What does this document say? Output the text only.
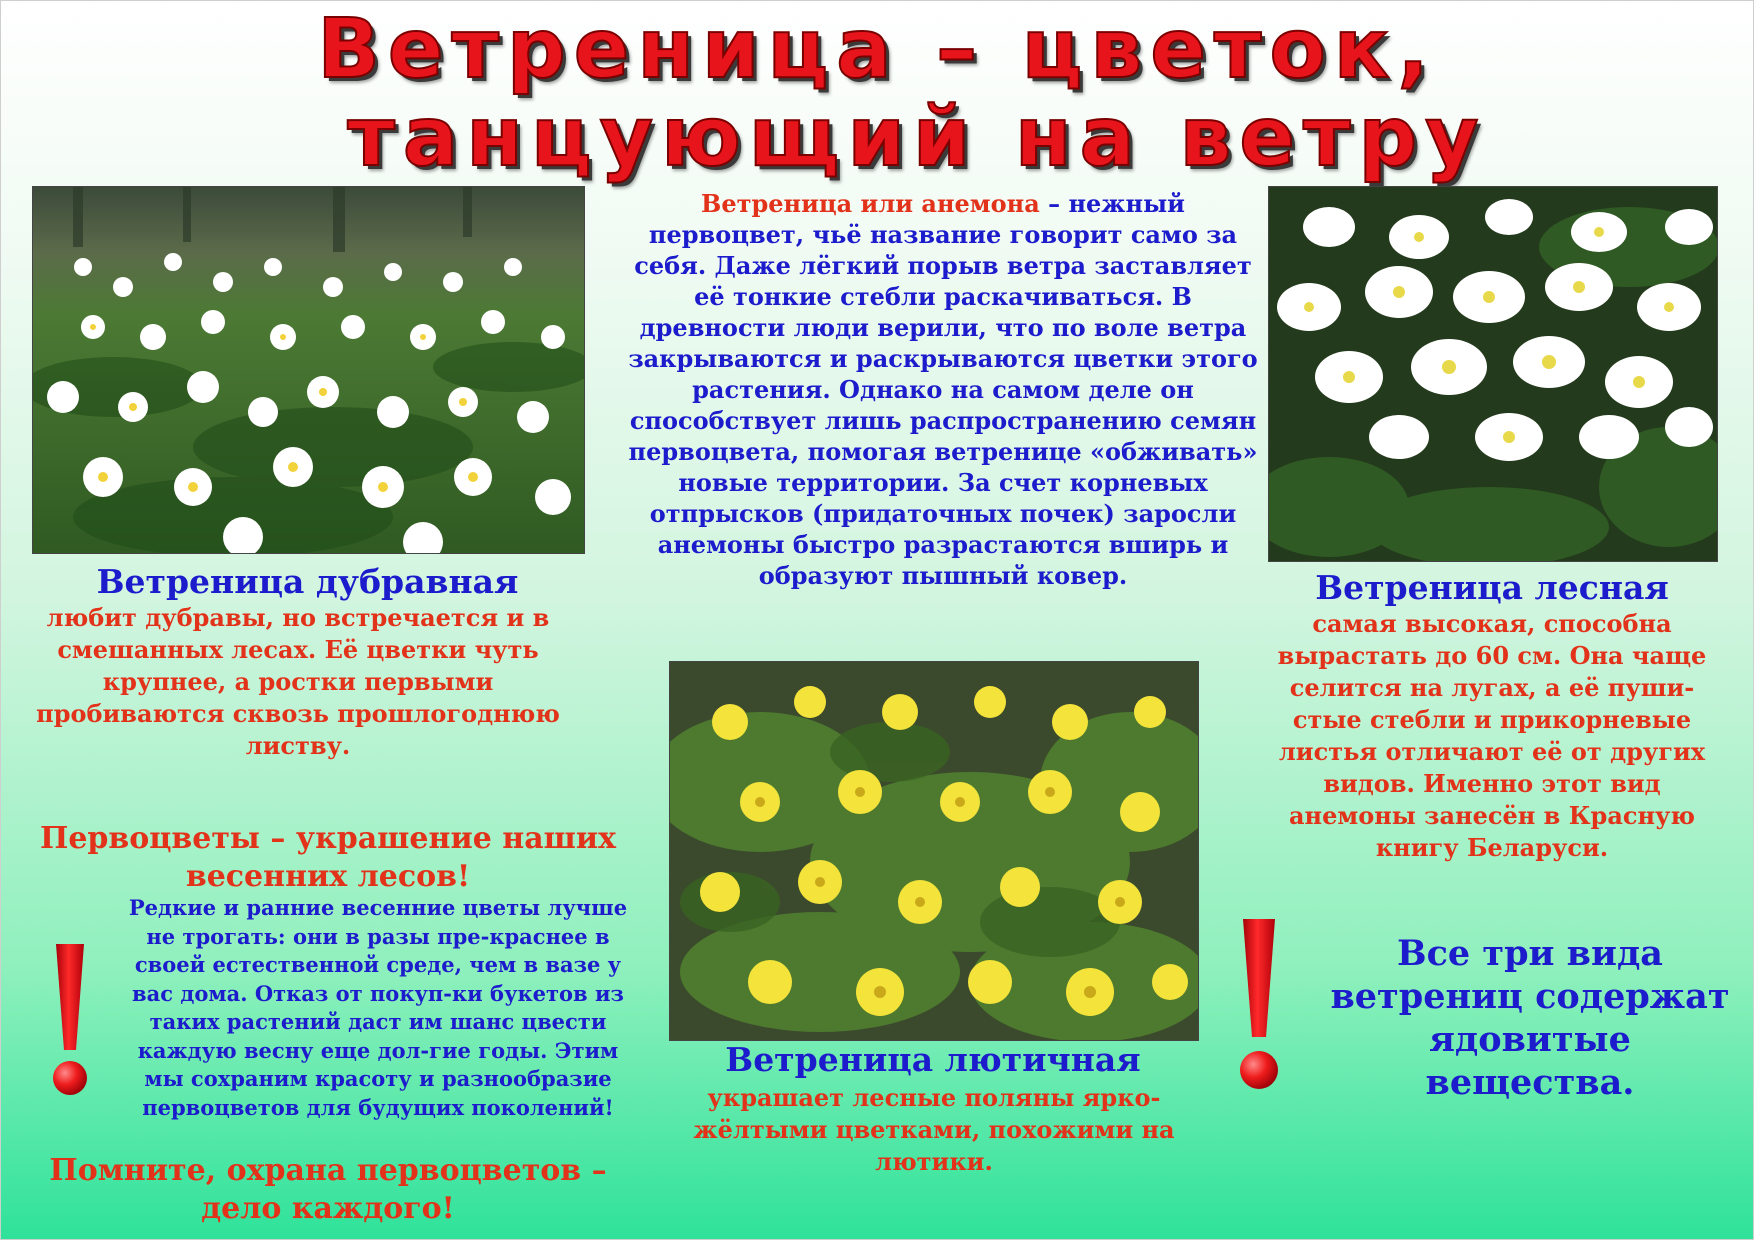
Ветреница – цветок,
танцующий на ветру
Ветреница или анемона – нежный первоцвет, чьё название говорит само за себя. Даже лёгкий порыв ветра заставляет её тонкие стебли раскачиваться. В древности люди верили, что по воле ветра закрываются и раскрываются цветки этого растения. Однако на самом деле он способствует лишь распространению семян первоцвета, помогая ветренице «обживать» новые территории. За счет корневых отпрысков (придаточных почек) заросли анемоны быстро разрастаются вширь и образуют пышный ковер.
Ветреница дубравная
любит дубравы, но встречается и в смешанных лесах. Её цветки чуть крупнее, а ростки первыми пробиваются сквозь прошлогоднюю листву.
Ветреница лесная
самая высокая, способна вырастать до 60 см. Она чаще селится на лугах, а её пуши-стые стебли и прикорневые листья отличают её от других видов. Именно этот вид анемоны занесён в Красную книгу Беларуси.
Ветреница лютичная
украшает лесные поляны ярко-жёлтыми цветками, похожими на лютики.
Первоцветы – украшение наших весенних лесов!
Редкие и ранние весенние цветы лучше не трогать: они в разы пре-краснее в своей естественной среде, чем в вазе у вас дома. Отказ от покуп-ки букетов из таких растений даст им шанс цвести каждую весну еще дол-гие годы. Этим мы сохраним красоту и разнообразие первоцветов для будущих поколений!
Помните, охрана первоцветов – дело каждого!
Все три вида ветрениц содержат ядовитые вещества.
